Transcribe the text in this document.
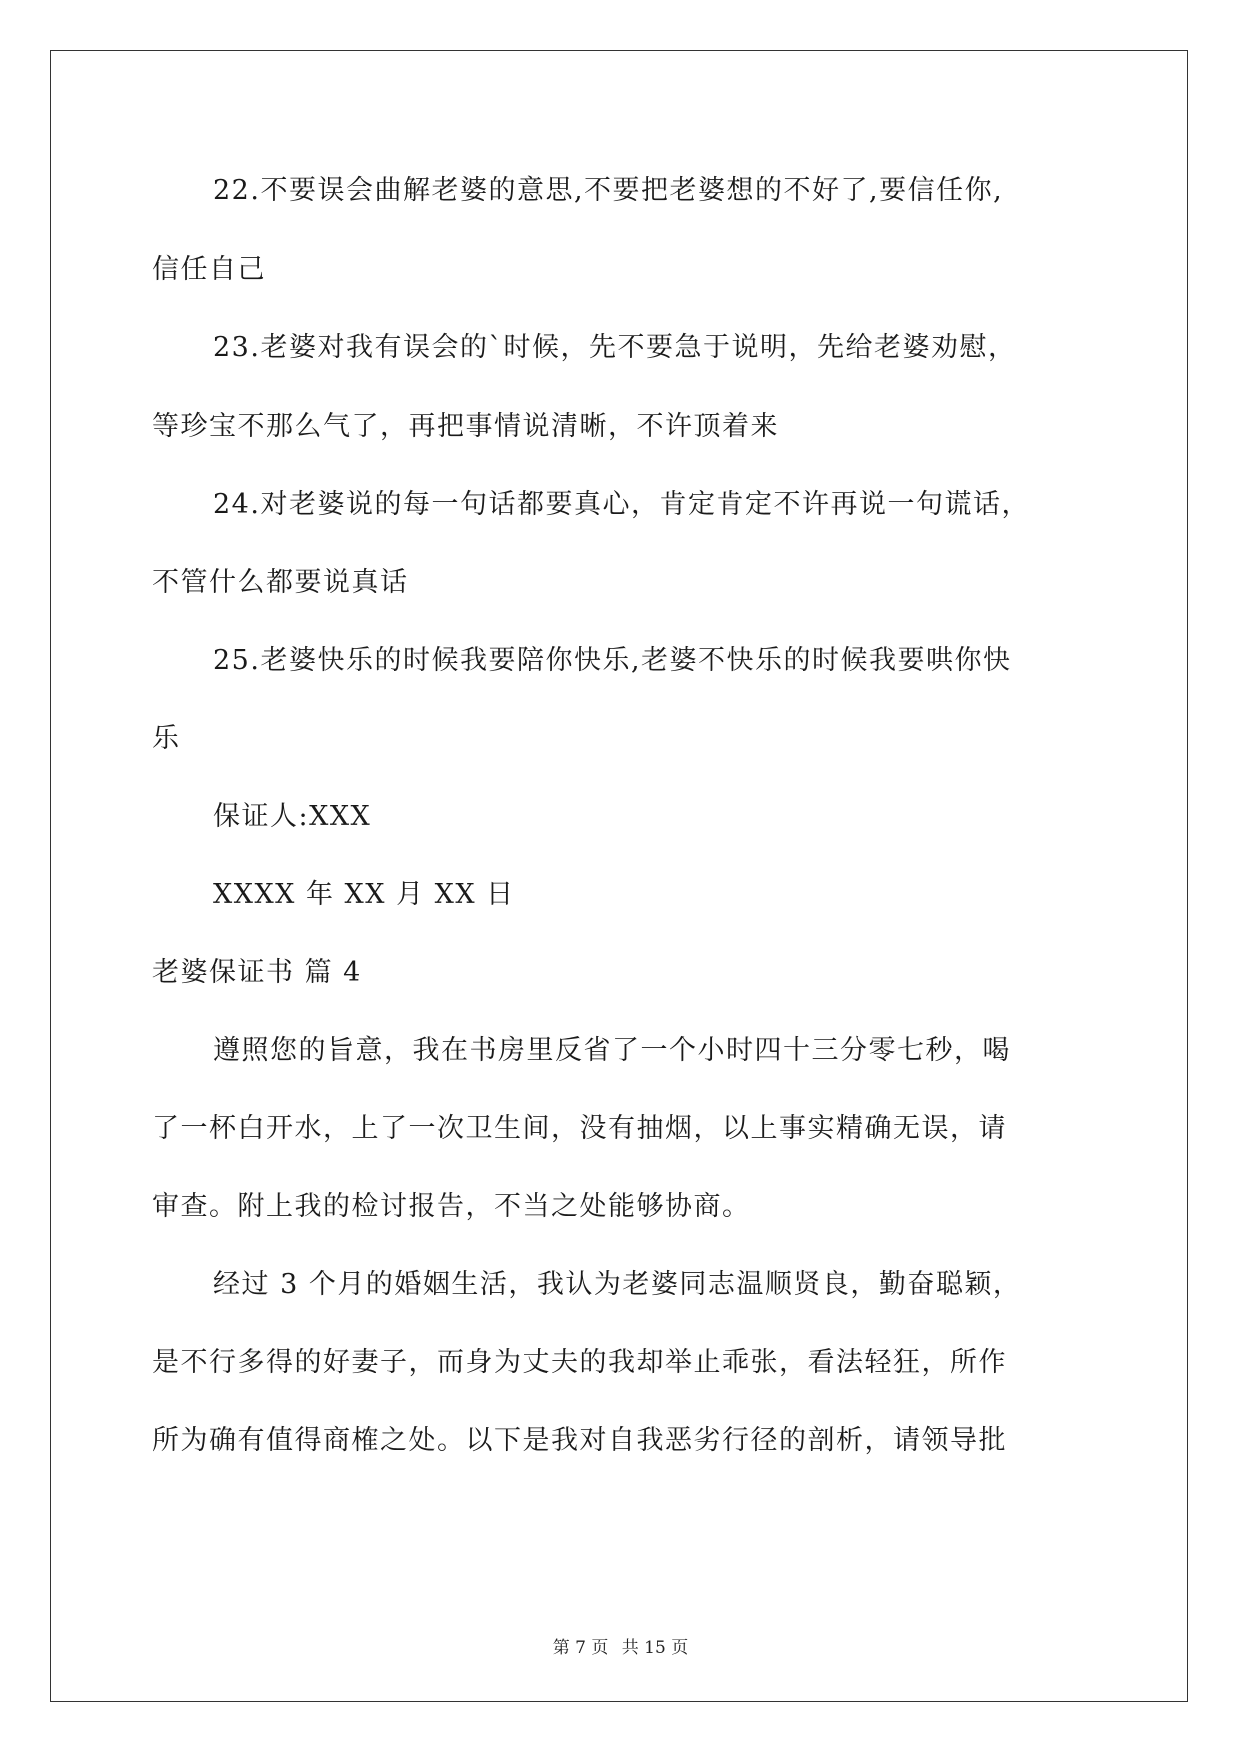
22.不要误会曲解老婆的意思,不要把老婆想的不好了,要信任你,
信任自己
23.老婆对我有误会的`时候，先不要急于说明，先给老婆劝慰，
等珍宝不那么气了，再把事情说清晰，不许顶着来
24.对老婆说的每一句话都要真心，肯定肯定不许再说一句谎话，
不管什么都要说真话
25.老婆快乐的时候我要陪你快乐,老婆不快乐的时候我要哄你快
乐
保证人:XXX
XXXX 年 XX 月 XX 日
老婆保证书 篇 4
遵照您的旨意，我在书房里反省了一个小时四十三分零七秒，喝
了一杯白开水，上了一次卫生间，没有抽烟，以上事实精确无误，请
审查。附上我的检讨报告，不当之处能够协商。
经过 3 个月的婚姻生活，我认为老婆同志温顺贤良，勤奋聪颖，
是不行多得的好妻子，而身为丈夫的我却举止乖张，看法轻狂，所作
所为确有值得商榷之处。以下是我对自我恶劣行径的剖析，请领导批
第 7 页 共 15 页
